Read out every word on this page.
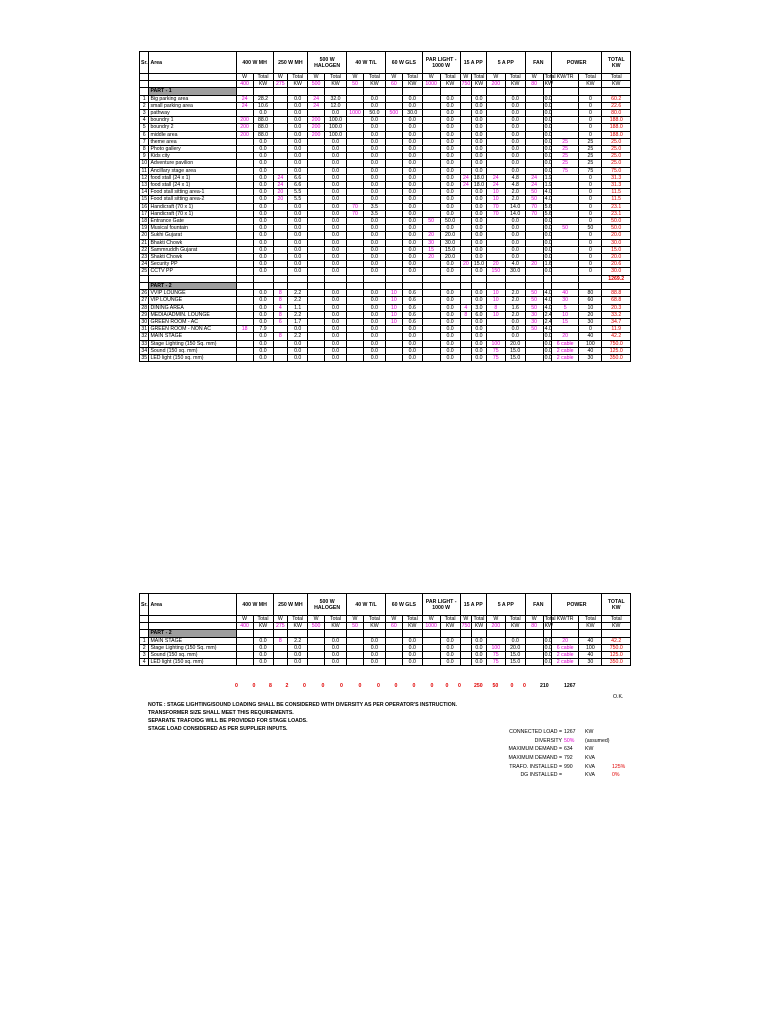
Sr.	Area	400 W MH		250 W MH		500 W HALOGEN		40 W T/L		60 W GLS		PAR LIGHT - 1000 W		15 A PP		5 A PP		FAN		POWER		TOTAL KW
		W	Total	W	Total	W	Total	W	Total	W	Total	W	Total	W	Total	W	Total	W	Total	KW/TR	Total	Total
		400	KW	275	KW	500	KW	50	KW	60	KW	1000	KW	750	KW	200	KW	80	KW		KW	KW
	PART - 1																					
1	Big parking area	24	28.2		0.0	24	32.0		0.0		0.0		0.0		0.0		0.0		0.0		0	60.2
2	small parking area	24	10.6		0.0	24	12.0		0.0		0.0		0.0		0.0		0.0		0.0		0	22.6
3	pathway		0.0		0.0		0.0	1000	50.0	500	30.0		0.0		0.0		0.0		0.0		0	80.0
4	boundry 1	200	88.0		0.0	200	100.0		0.0		0.0		0.0		0.0		0.0		0.0		0	188.0
5	boundry 2	200	88.0		0.0	200	100.0		0.0		0.0		0.0		0.0		0.0		0.0		0	188.0
6	middle area	200	88.0		0.0	200	100.0		0.0		0.0		0.0		0.0		0.0		0.0		0	188.0
7	theme area		0.0		0.0		0.0		0.0		0.0		0.0		0.0		0.0		0.0	25	25	25.0
8	Photo gallery		0.0		0.0		0.0		0.0		0.0		0.0		0.0		0.0		0.0	25	25	25.0
9	Kids city		0.0		0.0		0.0		0.0		0.0		0.0		0.0		0.0		0.0	25	25	25.0
10	Adventure pavilion		0.0		0.0		0.0		0.0		0.0		0.0		0.0		0.0		0.0	25	25	25.0
11	Ancillary stage area		0.0		0.0		0.0		0.0		0.0		0.0		0.0		0.0		0.0	75	75	75.0
12	food stall (24 x 1)		0.0	24	6.6		0.0		0.0		0.0		0.0	24	18.0	24	4.8	24	1.9		0	31.3
13	food stall (24 x 1)		0.0	24	6.6		0.0		0.0		0.0		0.0	24	18.0	24	4.8	24	1.9		0	31.3
14	Food stall sitting area-1		0.0	20	5.5		0.0		0.0		0.0		0.0		0.0	10	2.0	50	4.0		0	11.5
15	Food stall sitting area-2		0.0	20	5.5		0.0		0.0		0.0		0.0		0.0	10	2.0	50	4.0		0	11.5
16	Handicraft (70 x 1)		0.0		0.0		0.0	70	3.5		0.0		0.0		0.0	70	14.0	70	5.6		0	23.1
17	Handicraft (70 x 1)		0.0		0.0		0.0	70	3.5		0.0		0.0		0.0	70	14.0	70	5.6		0	23.1
18	Entrance Gate		0.0		0.0		0.0		0.0		0.0	50	50.0		0.0		0.0		0.0		0	50.0
19	Musical fountain		0.0		0.0		0.0		0.0		0.0		0.0		0.0		0.0		0.0	50	50	50.0
20	Sukhi Gujarat		0.0		0.0		0.0		0.0		0.0	20	20.0		0.0		0.0		0.0		0	20.0
21	Bhakti Chowk		0.0		0.0		0.0		0.0		0.0	30	30.0		0.0		0.0		0.0		0	30.0
22	Sammruddh Gujarat		0.0		0.0		0.0		0.0		0.0	15	15.0		0.0		0.0		0.0		0	15.0
23	Shakti Chowk		0.0		0.0		0.0		0.0		0.0	20	20.0		0.0		0.0		0.0		0	20.0
24	Security PP		0.0		0.0		0.0		0.0		0.0		0.0	20	15.0	20	4.0	20	1.6		0	20.6
25	CCTV PP		0.0		0.0		0.0		0.0		0.0		0.0		0.0	150	30.0		0.0		0	30.0
																						1269.2
	PART - 2																					
26	VVIP LOUNGE		0.0	8	2.2		0.0		0.0	10	0.6		0.0		0.0	10	2.0	50	4.0	40	80	88.8
27	VIP LOUNGE		0.0	8	2.2		0.0		0.0	10	0.6		0.0		0.0	10	2.0	50	4.0	30	60	68.8
28	DINING AREA		0.0	4	1.1		0.0		0.0	10	0.6		0.0	4	3.0	8	1.6	50	4.0	5	10	20.3
29	MEDIA/ADMIN. LOUNGE		0.0	8	2.2		0.0		0.0	10	0.6		0.0	8	6.0	10	2.0	30	2.4	10	20	33.2
30	GREEN ROOM - AC		0.0	6	1.7		0.0		0.0	10	0.6		0.0		0.0		0.0	30	2.4	15	30	34.7
31	GREEN ROOM - NON AC	18	7.9		0.0		0.0		0.0		0.0		0.0		0.0		0.0	50	4.0		0	11.9
32	MAIN STAGE		0.0	8	2.2		0.0		0.0		0.0		0.0		0.0		0.0		0.0	20	40	42.2
33	Stage Lighting (150 Sq. mm)		0.0		0.0		0.0		0.0		0.0		0.0		0.0	100	20.0		0.0	6 cable	100	750.0
34	Sound (150 sq. mm)		0.0		0.0		0.0		0.0		0.0		0.0		0.0	75	15.0		0.0	2 cable	40	125.0
35	LED light (150 sq. mm)		0.0		0.0		0.0		0.0		0.0		0.0		0.0	75	15.0		0.0	2 cable	30	350.0
Sr.	Area	400 W MH		250 W MH		500 W HALOGEN		40 W T/L		60 W GLS		PAR LIGHT - 1000 W		15 A PP		5 A PP		FAN		POWER		TOTAL KW
		W	Total	W	Total	W	Total	W	Total	W	Total	W	Total	W	Total	W	Total	W	Total	KW/TR	Total	Total
		400	KW	275	KW	500	KW	50	KW	60	KW	1000	KW	750	KW	200	KW	80	KW		KW	KW
	PART - 2																					
1	MAIN STAGE		0.0	8	2.2		0.0		0.0		0.0		0.0		0.0		0.0		0.0	20	40	42.2
2	Stage Lighting (150 Sq. mm)		0.0		0.0		0.0		0.0		0.0		0.0		0.0	100	20.0		0.0	6 cable	100	750.0
3	Sound (150 sq. mm)		0.0		0.0		0.0		0.0		0.0		0.0		0.0	75	15.0		0.0	2 cable	40	125.0
4	LED light (150 sq. mm)		0.0		0.0		0.0		0.0		0.0		0.0		0.0	75	15.0		0.0	2 cable	30	350.0
0	0	8	2	0	0	0	0	0	0	0	0 0 0	250 50 0 0	210	1267
O.K.
NOTE : STAGE LIGHTING/SOUND LOADING SHALL BE CONSIDERED WITH DIVERSITY AS PER OPERATOR'S INSTRUCTION.
TRANSFORMER SIZE SHALL MEET THIS REQUIREMENTS.
SEPARATE TRAFO/DG WILL BE PROVIDED FOR STAGE LOADS.
STAGE LOAD CONSIDERED AS PER SUPPLIER INPUTS.	CONNECTED LOAD = 1267 KW
DIVERSITY 50% (assumed)
MAXIMUM DEMAND = 634 KW
MAXIMUM DEMAND = 792 KVA
TRAFO. INSTALLED = 990 KVA	125%
DG INSTALLED =	KVA	0%
